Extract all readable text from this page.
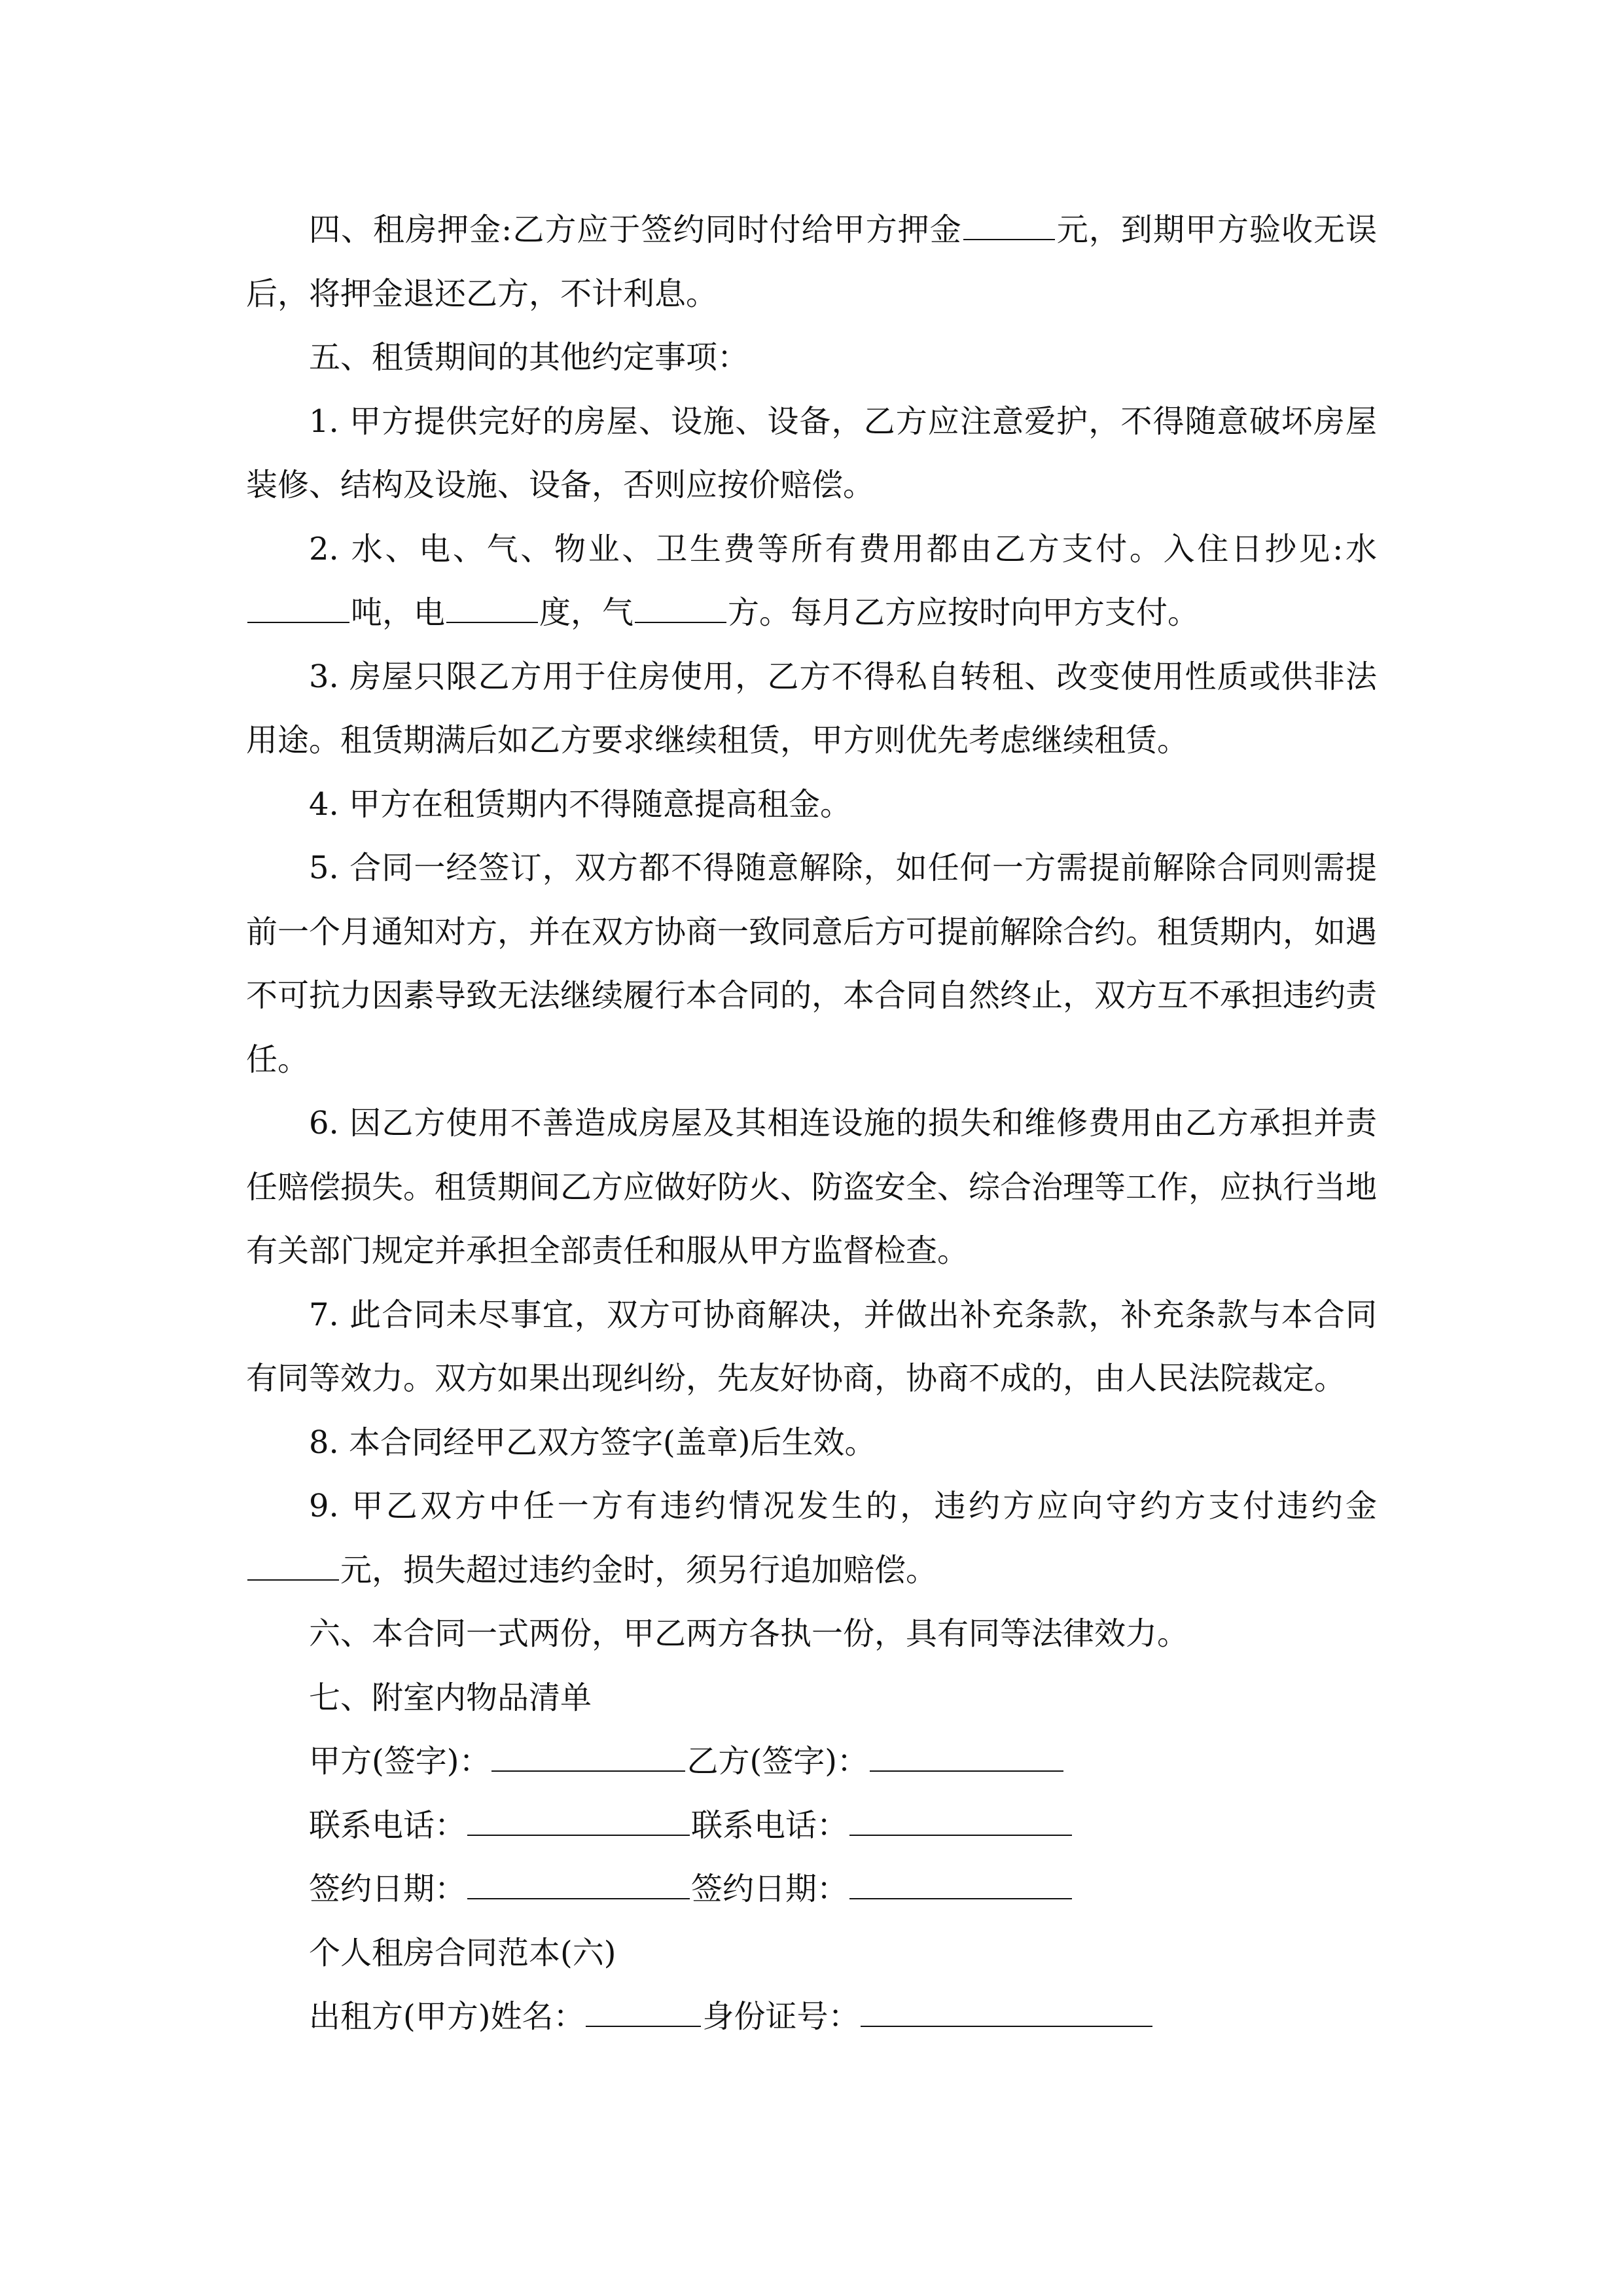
四、租房押金:乙方应于签约同时付给甲方押金	元，到期甲方验收无误后，将押金退还乙方，不计利息。

五、租赁期间的其他约定事项：

1. 甲方提供完好的房屋、设施、设备，乙方应注意爱护，不得随意破坏房屋装修、结构及设施、设备，否则应按价赔偿。

2. 水、电、气、物业、卫生费等所有费用都由乙方支付。入住日抄见:水吨，电	度，气	方。每月乙方应按时向甲方支付。

3. 房屋只限乙方用于住房使用，乙方不得私自转租、改变使用性质或供非法用途。租赁期满后如乙方要求继续租赁，甲方则优先考虑继续租赁。

4. 甲方在租赁期内不得随意提高租金。

5. 合同一经签订，双方都不得随意解除，如任何一方需提前解除合同则需提前一个月通知对方，并在双方协商一致同意后方可提前解除合约。租赁期内，如遇不可抗力因素导致无法继续履行本合同的，本合同自然终止，双方互不承担违约责任。

6. 因乙方使用不善造成房屋及其相连设施的损失和维修费用由乙方承担并责任赔偿损失。租赁期间乙方应做好防火、防盗安全、综合治理等工作，应执行当地有关部门规定并承担全部责任和服从甲方监督检查。

7. 此合同未尽事宜，双方可协商解决，并做出补充条款，补充条款与本合同有同等效力。双方如果出现纠纷，先友好协商，协商不成的，由人民法院裁定。

8. 本合同经甲乙双方签字(盖章)后生效。

9. 甲乙双方中任一方有违约情况发生的，违约方应向守约方支付违约金元，损失超过违约金时，须另行追加赔偿。

六、本合同一式两份，甲乙两方各执一份，具有同等法律效力。

七、附室内物品清单

甲方(签字)：	乙方(签字)：

联系电话：	联系电话：

签约日期：	签约日期：

个人租房合同范本(六)

出租方(甲方)姓名：	身份证号：
